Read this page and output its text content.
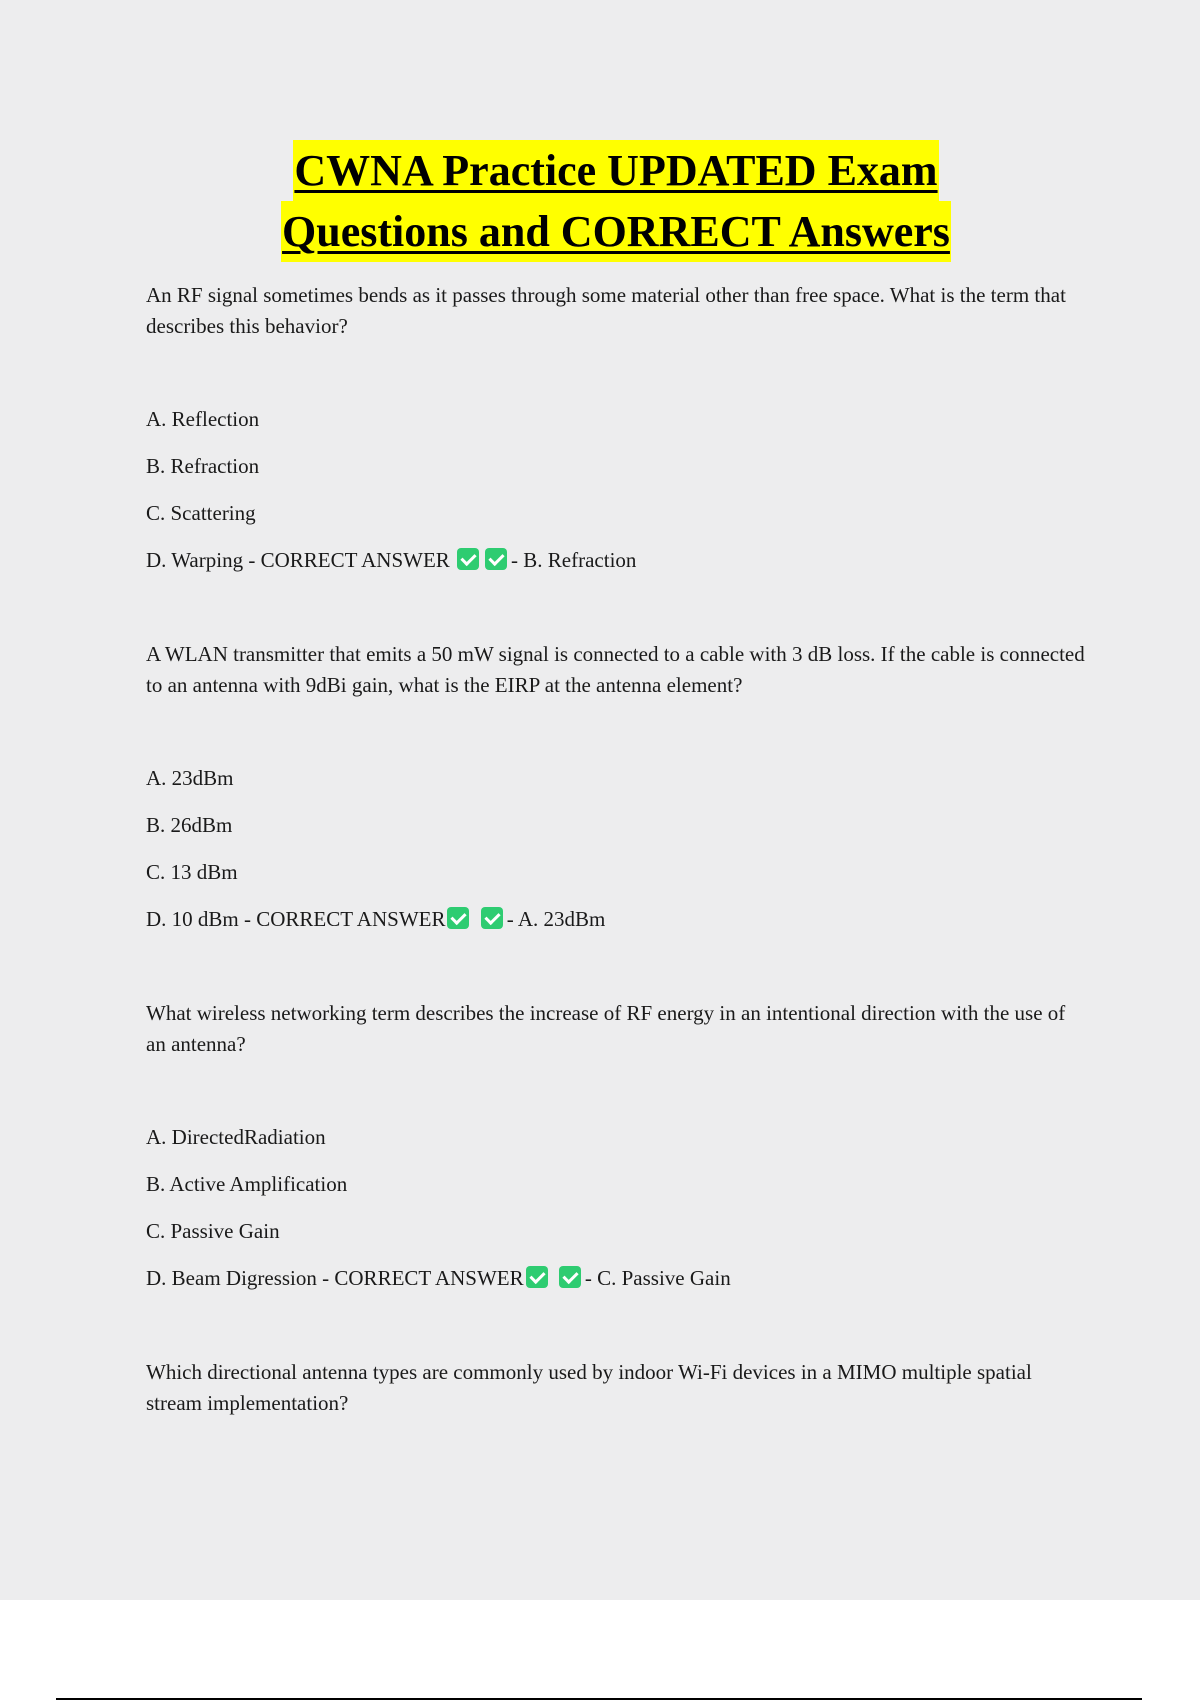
CWNA Practice UPDATED Exam
Questions and CORRECT Answers

An RF signal sometimes bends as it passes through some material other than free space. What is the term that describes this behavior?

A. Reflection

B. Refraction

C. Scattering

D. Warping - CORRECT ANSWER	- B. Refraction

A WLAN transmitter that emits a 50 mW signal is connected to a cable with 3 dB loss. If the cable is connected to an antenna with 9dBi gain, what is the EIRP at the antenna element?

A. 23dBm

B. 26dBm

C. 13 dBm

D. 10 dBm - CORRECT ANSWER	- A. 23dBm

What wireless networking term describes the increase of RF energy in an intentional direction with the use of an antenna?

A. DirectedRadiation

B. Active Amplification

C. Passive Gain

D. Beam Digression - CORRECT ANSWER	- C. Passive Gain

Which directional antenna types are commonly used by indoor Wi-Fi devices in a MIMO multiple spatial stream implementation?
